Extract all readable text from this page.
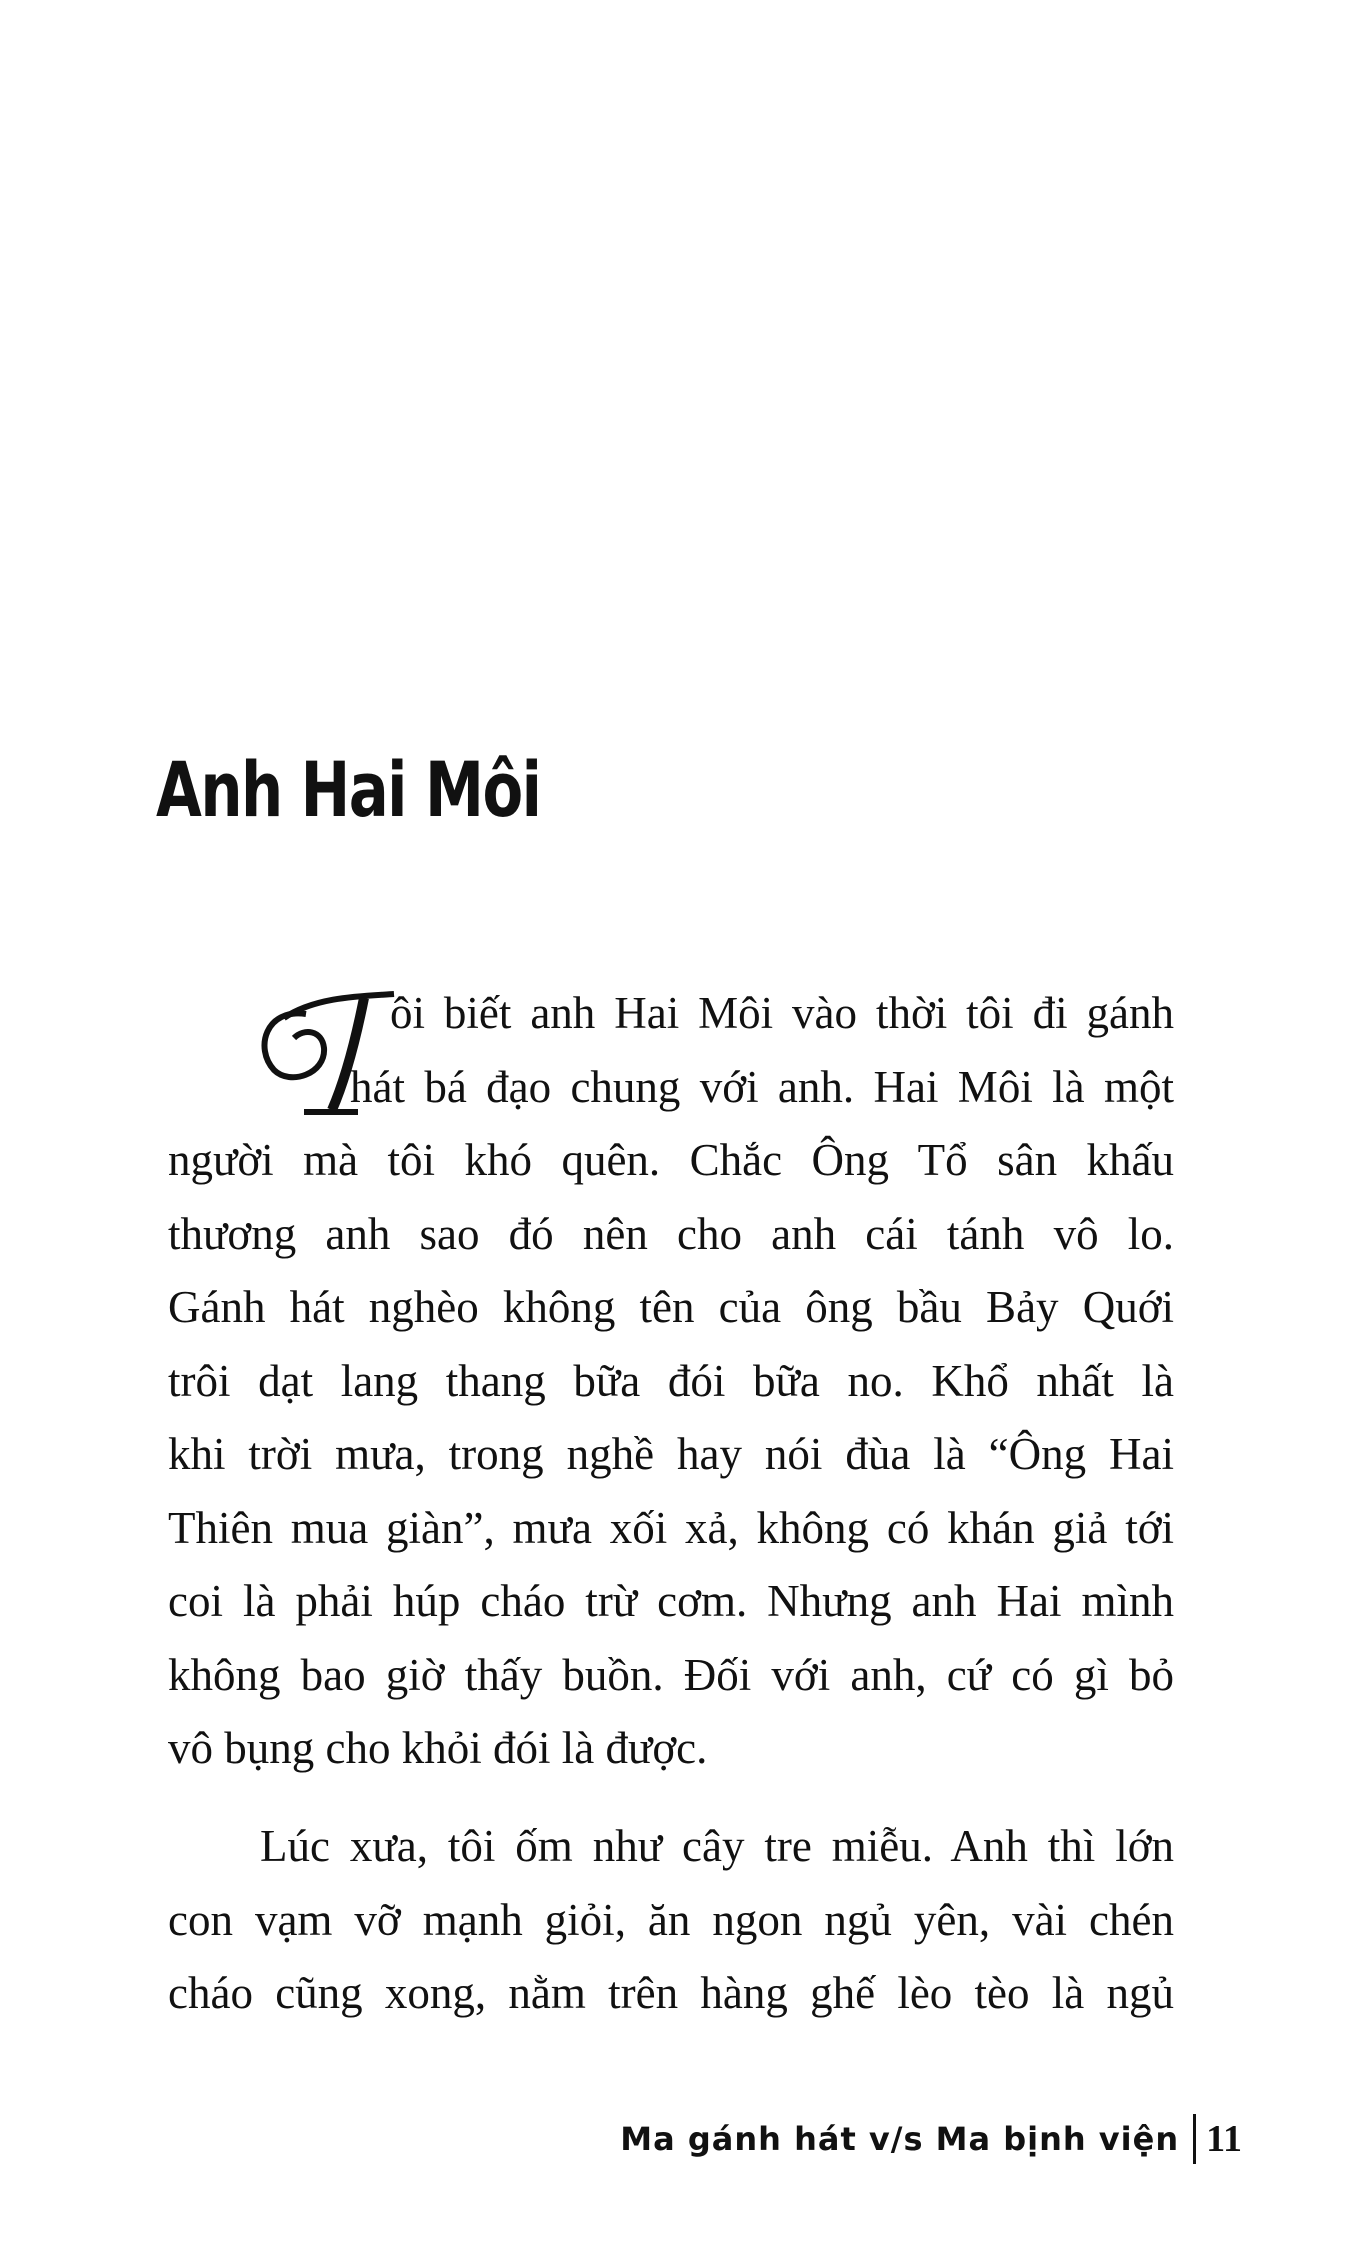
Anh Hai Môi
ôi biết anh Hai Môi vào thời tôi đi gánh
hát bá đạo chung với anh. Hai Môi là một
người mà tôi khó quên. Chắc Ông Tổ sân khấu
thương anh sao đó nên cho anh cái tánh vô lo.
Gánh hát nghèo không tên của ông bầu Bảy Quới
trôi dạt lang thang bữa đói bữa no. Khổ nhất là
khi trời mưa, trong nghề hay nói đùa là “Ông Hai
Thiên mua giàn”, mưa xối xả, không có khán giả tới
coi là phải húp cháo trừ cơm. Nhưng anh Hai mình
không bao giờ thấy buồn. Đối với anh, cứ có gì bỏ
vô bụng cho khỏi đói là được.
Lúc xưa, tôi ốm như cây tre miễu. Anh thì lớn
con vạm vỡ mạnh giỏi, ăn ngon ngủ yên, vài chén
cháo cũng xong, nằm trên hàng ghế lèo tèo là ngủ
Ma gánh hát v/s Ma bịnh viện 11
